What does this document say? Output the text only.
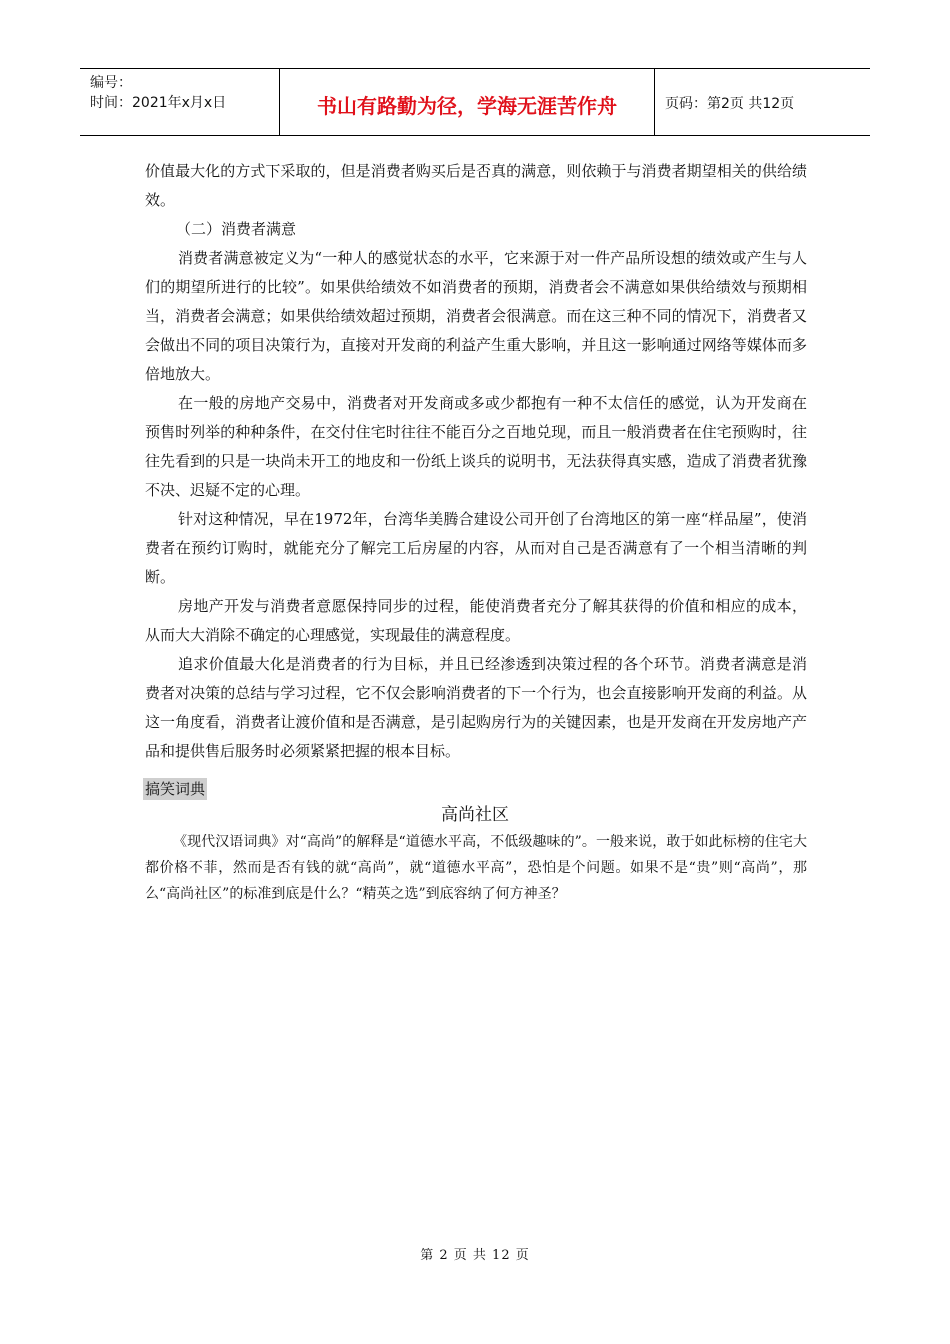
编号：
时间：2021年x月x日	书山有路勤为径，学海无涯苦作舟	页码：第2页 共12页

价值最大化的方式下采取的，但是消费者购买后是否真的满意，则依赖于与消费者期望相关的供给绩效。

（二）消费者满意

消费者满意被定义为“一种人的感觉状态的水平，它来源于对一件产品所设想的绩效或产生与人们的期望所进行的比较”。如果供给绩效不如消费者的预期，消费者会不满意如果供给绩效与预期相当，消费者会满意；如果供给绩效超过预期，消费者会很满意。而在这三种不同的情况下，消费者又会做出不同的项目决策行为，直接对开发商的利益产生重大影响，并且这一影响通过网络等媒体而多倍地放大。

在一般的房地产交易中，消费者对开发商或多或少都抱有一种不太信任的感觉，认为开发商在预售时列举的种种条件，在交付住宅时往往不能百分之百地兑现，而且一般消费者在住宅预购时，往往先看到的只是一块尚未开工的地皮和一份纸上谈兵的说明书，无法获得真实感，造成了消费者犹豫不决、迟疑不定的心理。

针对这种情况，早在1972年，台湾华美腾合建设公司开创了台湾地区的第一座“样品屋”，使消费者在预约订购时，就能充分了解完工后房屋的内容，从而对自己是否满意有了一个相当清晰的判断。

房地产开发与消费者意愿保持同步的过程，能使消费者充分了解其获得的价值和相应的成本，从而大大消除不确定的心理感觉，实现最佳的满意程度。

追求价值最大化是消费者的行为目标，并且已经渗透到决策过程的各个环节。消费者满意是消费者对决策的总结与学习过程，它不仅会影响消费者的下一个行为，也会直接影响开发商的利益。从这一角度看，消费者让渡价值和是否满意，是引起购房行为的关键因素，也是开发商在开发房地产产品和提供售后服务时必须紧紧把握的根本目标。

搞笑词典
高尚社区

《现代汉语词典》对“高尚”的解释是“道德水平高，不低级趣味的”。一般来说，敢于如此标榜的住宅大都价格不菲，然而是否有钱的就“高尚”，就“道德水平高”，恐怕是个问题。如果不是“贵”则“高尚”，那么“高尚社区”的标准到底是什么？“精英之选”到底容纳了何方神圣？

第 2 页 共 12 页
